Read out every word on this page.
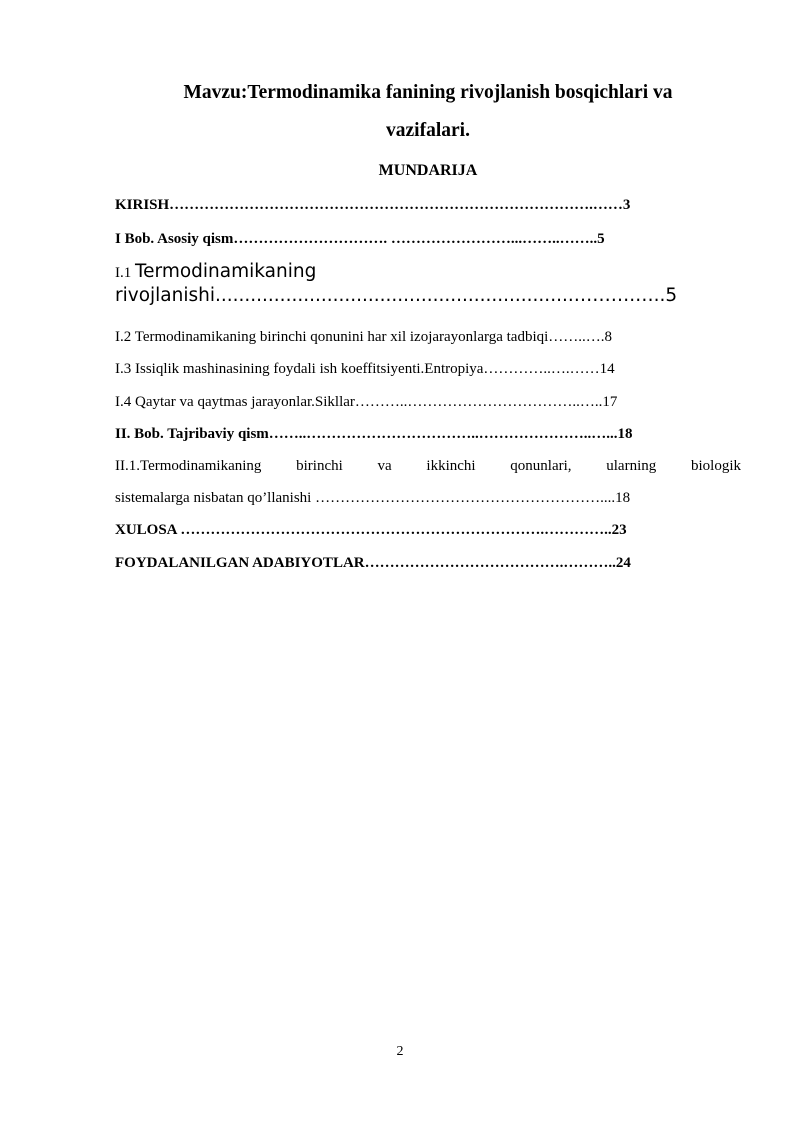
Mavzu:Termodinamika fanining rivojlanish bosqichlari va
vazifalari.
MUNDARIJA
KIRISH………………………………………………………………………….……3
I Bob. Asosiy qism…………………………. ……………………...……..……..5
I.1 Termodinamikaning
rivojlanishi.............................................................……….…..5
I.2 Termodinamikaning birinchi qonunini har xil izojarayonlarga tadbiqi……..….8
I.3 Issiqlik mashinasining foydali ish koeffitsiyenti.Entropiya…………..….……14
I.4 Qaytar va qaytmas jarayonlar.Sikllar………..……………………………..…..17
II. Bob. Tajribaviy qism……..……………………………..…………………..…...18
II.1.Termodinamikaning birinchi va ikkinchi qonunlari, ularning biologik
sistemalarga nisbatan qo’llanishi …………………………………………………....18
XULOSA ……………………………………………………………….…………..23
FOYDALANILGAN ADABIYOTLAR………………………………….………..24
2
